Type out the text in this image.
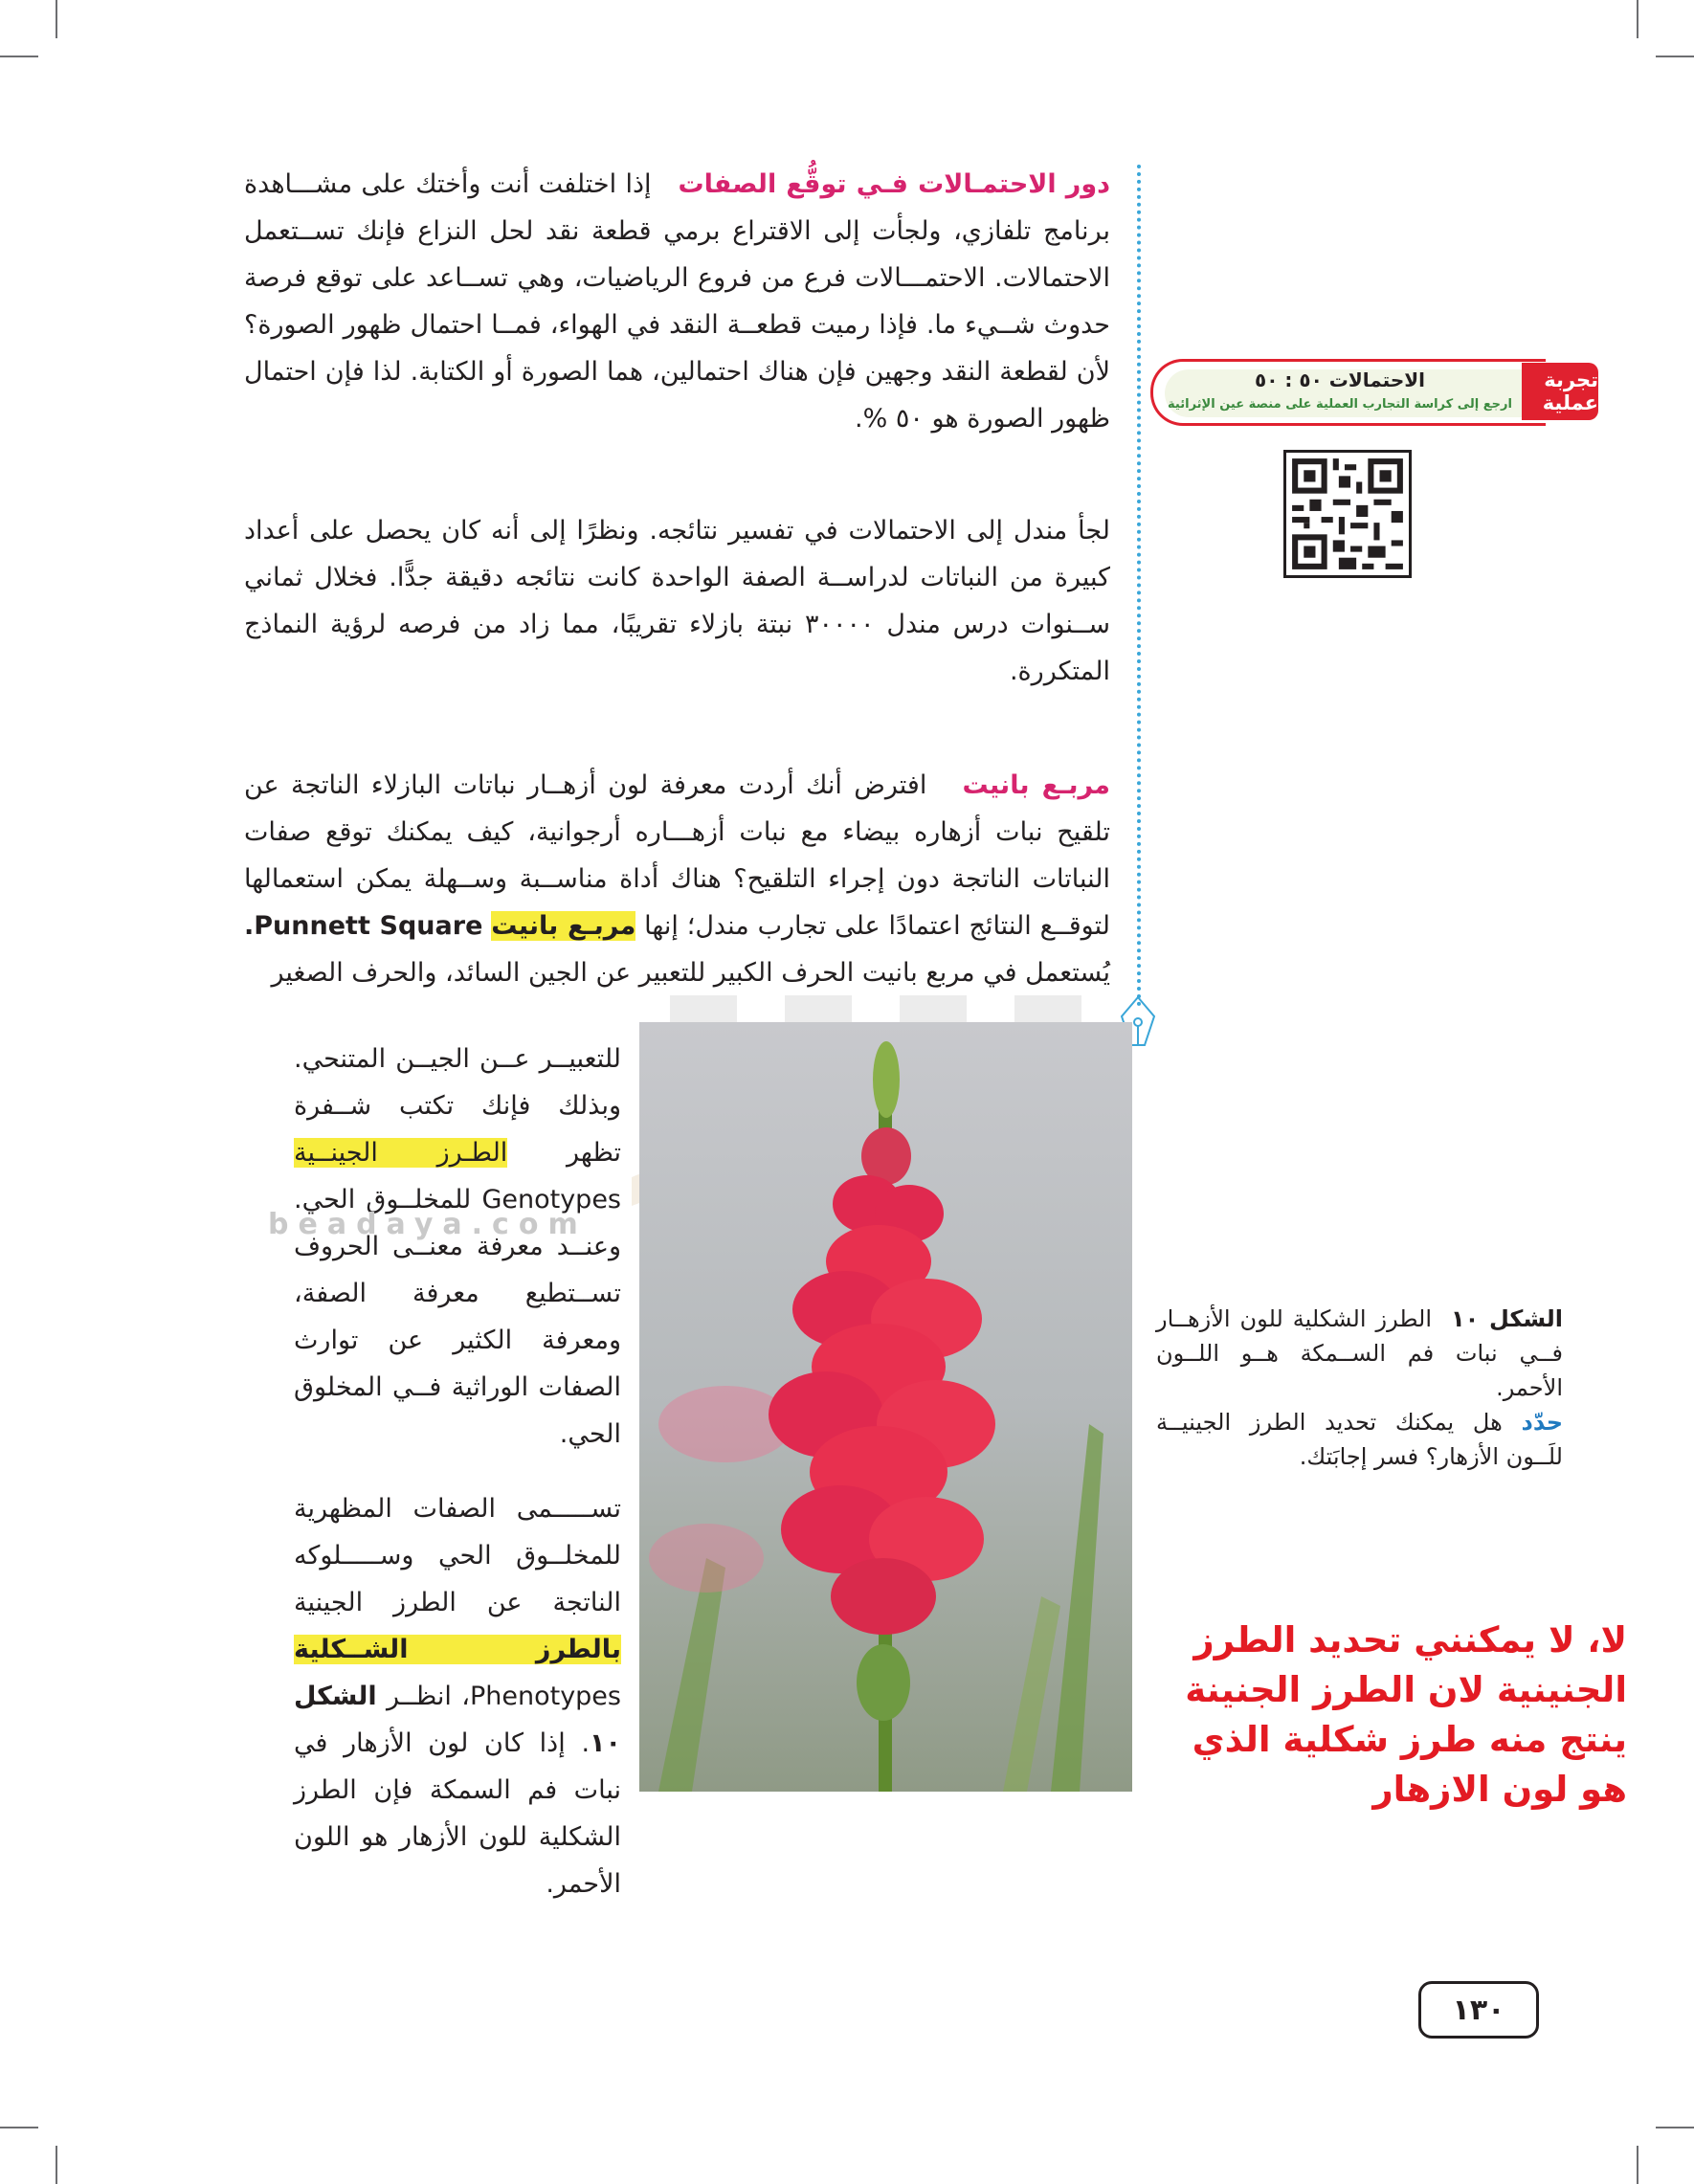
دور الاحتمـالات فـي توقُّع الصفات   إذا اختلفت أنت وأختك على مشـــاهدة برنامج تلفازي، ولجأت إلى الاقتراع برمي قطعة نقد لحل النزاع فإنك تســتعمل الاحتمالات. الاحتمـــالات فرع من فروع الرياضيات، وهي تســاعد على توقع فرصة حدوث شــيء ما. فإذا رميت قطعــة النقد في الهواء، فمــا احتمال ظهور الصورة؟ لأن لقطعة النقد وجهين فإن هناك احتمالين، هما الصورة أو الكتابة. لذا فإن احتمال ظهور الصورة هو ٥٠ %.
لجأ مندل إلى الاحتمالات في تفسير نتائجه. ونظرًا إلى أنه كان يحصل على أعداد كبيرة من النباتات لدراســة الصفة الواحدة كانت نتائجه دقيقة جدًّا. فخلال ثماني ســنوات درس مندل ٣٠٠٠٠ نبتة بازلاء تقريبًا، مما زاد من فرصه لرؤية النماذج المتكررة.
مربـع بانيت   افترض أنك أردت معرفة لون أزهــار نباتات البازلاء الناتجة عن تلقيح نبات أزهاره بيضاء مع نبات أزهـــاره أرجوانية، كيف يمكنك توقع صفات النباتات الناتجة دون إجراء التلقيح؟ هناك أداة مناســبة وســهلة يمكن استعمالها لتوقــع النتائج اعتمادًا على تجارب مندل؛ إنها مربـع بانيت Punnett Square. يُستعمل في مربع بانيت الحرف الكبير للتعبير عن الجين السائد، والحرف الصغير
للتعبيــر عــن الجيــن المتنحي. وبذلك فإنك تكتب شــفرة تظهر الطـرز الجينــية Genotypes للمخلــوق الحي. وعنــد معرفة معنــى الحروف تســتطيع معرفة الصفة، ومعرفة الكثير عن توارث الصفات الوراثية فــي المخلوق الحي.
تســـــمى الصفات المظهرية للمخلــوق الحي وســـــلوكه الناتجة عن الطرز الجينية بالطرز الشــكلية Phenotypes، انظــر الشكل ١٠. إذا كان لون الأزهار في نبات فم السمكة فإن الطرز الشكلية للون الأزهار هو اللون الأحمر.
beadaya.com
تجربة عملية
الاحتمالات ٥٠ : ٥٠
ارجع إلى كراسة التجارب العملية على منصة عين الإثرائية
الشكل ١٠  الطرز الشكلية للون الأزهــار فــي نبات فم الســمكة هــو اللــون الأحمر.
حدّد هل يمكنك تحديد الطرز الجينيــة للَــون الأزهار؟ فسر إجابَتك.
لا، لا يمكنني تحديد الطرز الجنينية لان الطرز الجنينة ينتج منه طرز شكلية الذي هو لون الازهار
١٣٠
